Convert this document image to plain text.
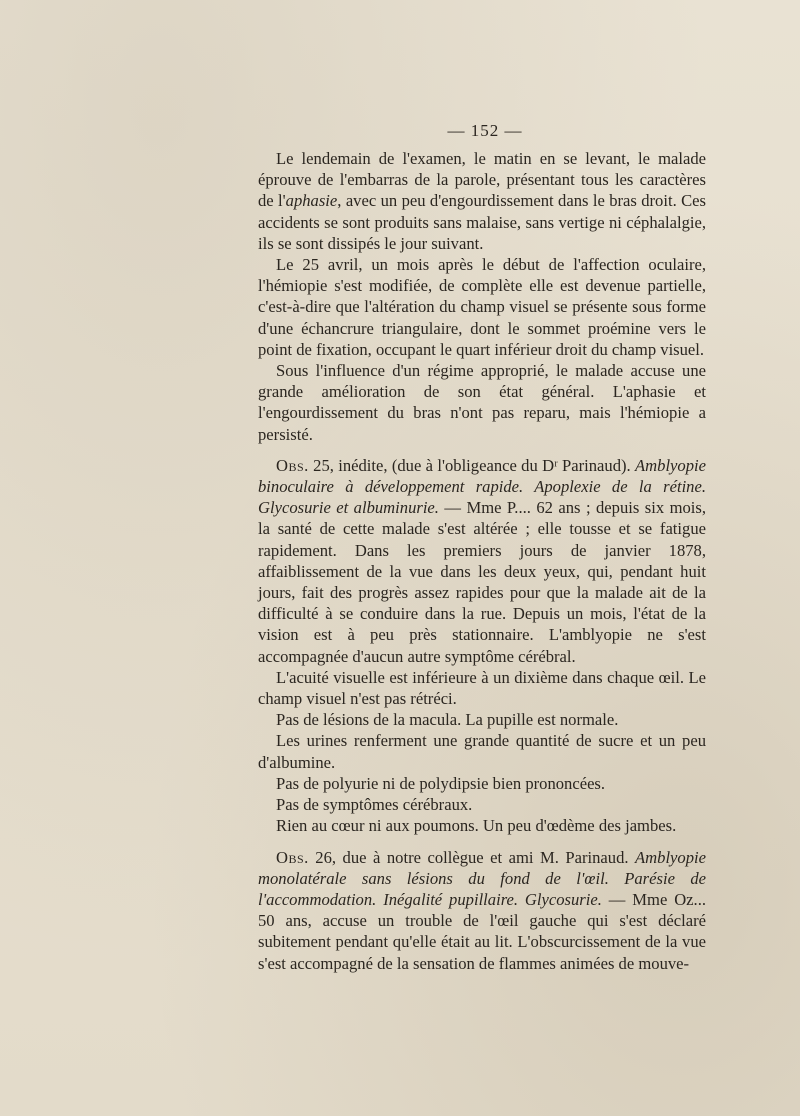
— 152 —

Le lendemain de l'examen, le matin en se levant, le malade éprouve de l'embarras de la parole, présentant tous les caractères de l'aphasie, avec un peu d'engourdissement dans le bras droit. Ces accidents se sont produits sans malaise, sans vertige ni céphalalgie, ils se sont dissipés le jour suivant.

Le 25 avril, un mois après le début de l'affection oculaire, l'hémiopie s'est modifiée, de complète elle est devenue partielle, c'est-à-dire que l'altération du champ visuel se présente sous forme d'une échancrure triangulaire, dont le sommet proémine vers le point de fixation, occupant le quart inférieur droit du champ visuel.

Sous l'influence d'un régime approprié, le malade accuse une grande amélioration de son état général. L'aphasie et l'engourdissement du bras n'ont pas reparu, mais l'hémiopie a persisté.

Obs. 25, inédite, (due à l'obligeance du Dʳ Parinaud). Amblyopie binoculaire à développement rapide. Apoplexie de la rétine. Glycosurie et albuminurie. — Mme P.... 62 ans ; depuis six mois, la santé de cette malade s'est altérée ; elle tousse et se fatigue rapidement. Dans les premiers jours de janvier 1878, affaiblissement de la vue dans les deux yeux, qui, pendant huit jours, fait des progrès assez rapides pour que la malade ait de la difficulté à se conduire dans la rue. Depuis un mois, l'état de la vision est à peu près stationnaire. L'amblyopie ne s'est accompagnée d'aucun autre symptôme cérébral.

L'acuité visuelle est inférieure à un dixième dans chaque œil. Le champ visuel n'est pas rétréci.

Pas de lésions de la macula. La pupille est normale.

Les urines renferment une grande quantité de sucre et un peu d'albumine.

Pas de polyurie ni de polydipsie bien prononcées.

Pas de symptômes cérébraux.

Rien au cœur ni aux poumons. Un peu d'œdème des jambes.

Obs. 26, due à notre collègue et ami M. Parinaud. Amblyopie monolatérale sans lésions du fond de l'œil. Parésie de l'accommodation. Inégalité pupillaire. Glycosurie. — Mme Oz... 50 ans, accuse un trouble de l'œil gauche qui s'est déclaré subitement pendant qu'elle était au lit. L'obscurcissement de la vue s'est accompagné de la sensation de flammes animées de mouve-
